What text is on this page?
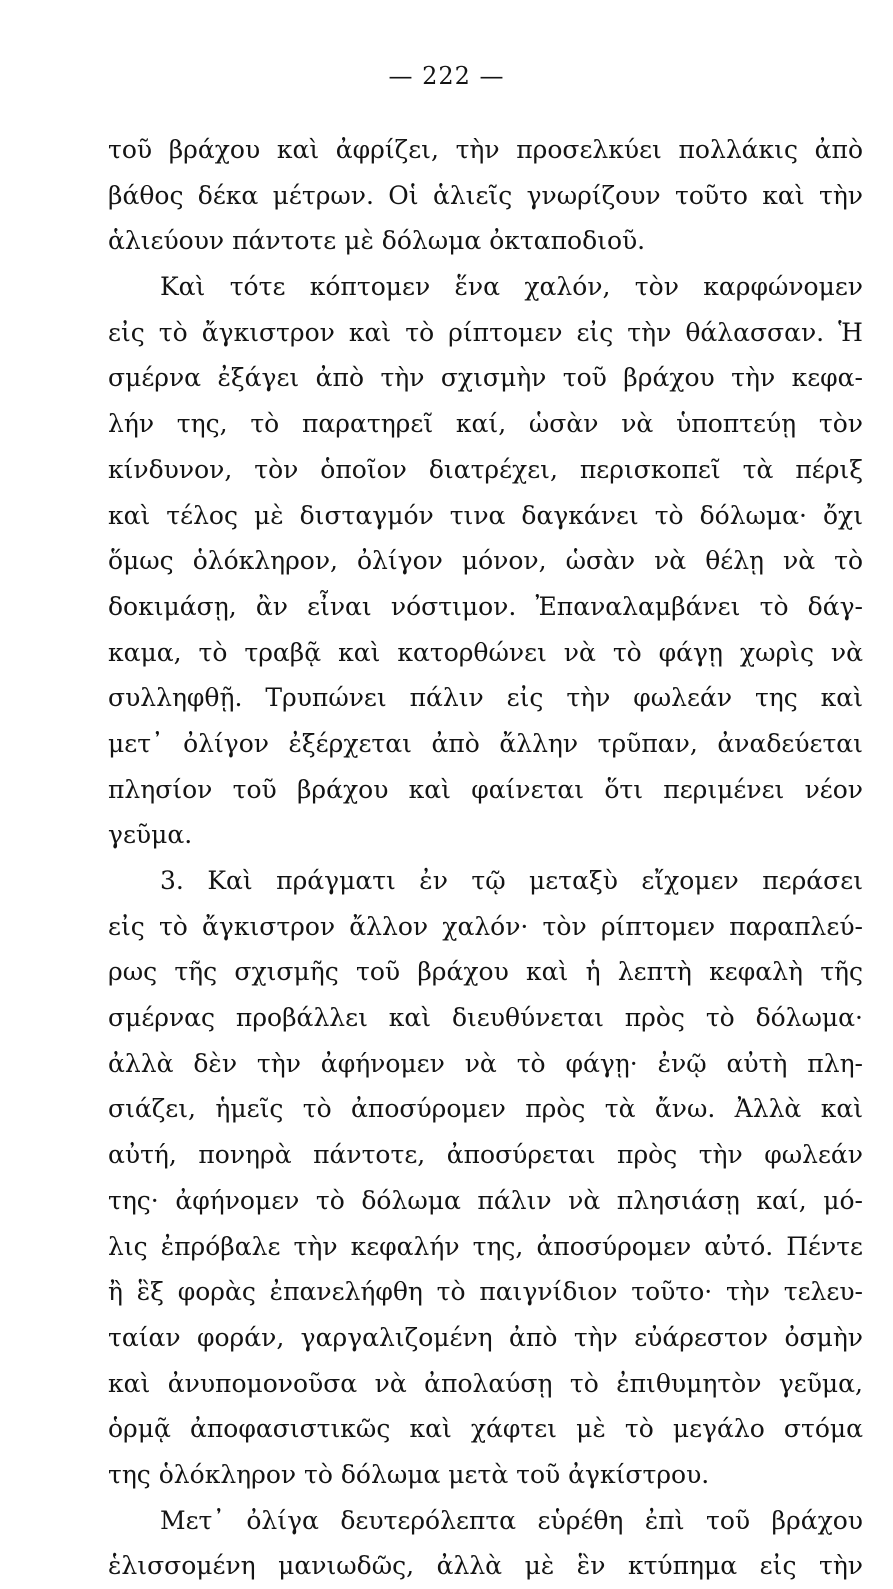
— 222 —
τοῦ βράχου καὶ ἀφρίζει, τὴν προσελκύει πολλάκις ἀπὸ
βάθος δέκα μέτρων. Οἱ ἁλιεῖς γνωρίζουν τοῦτο καὶ τὴν
ἁλιεύουν πάντοτε μὲ δόλωμα ὀκταποδιοῦ.
Καὶ τότε κόπτομεν ἕνα χαλόν, τὸν καρφώνομεν
εἰς τὸ ἄγκιστρον καὶ τὸ ρίπτομεν εἰς τὴν θάλασσαν. Ἡ
σμέρνα ἐξάγει ἀπὸ τὴν σχισμὴν τοῦ βράχου τὴν κεφα-
λήν της, τὸ παρατηρεῖ καί, ὡσὰν νὰ ὑποπτεύῃ τὸν
κίνδυνον, τὸν ὁποῖον διατρέχει, περισκοπεῖ τὰ πέριξ
καὶ τέλος μὲ δισταγμόν τινα δαγκάνει τὸ δόλωμα· ὄχι
ὅμως ὁλόκληρον, ὀλίγον μόνον, ὡσὰν νὰ θέλῃ νὰ τὸ
δοκιμάσῃ, ἂν εἶναι νόστιμον. Ἐπαναλαμβάνει τὸ δάγ-
καμα, τὸ τραβᾷ καὶ κατορθώνει νὰ τὸ φάγῃ χωρὶς νὰ
συλληφθῇ. Τρυπώνει πάλιν εἰς τὴν φωλεάν της καὶ
μετ᾽ ὀλίγον ἐξέρχεται ἀπὸ ἄλλην τρῦπαν, ἀναδεύεται
πλησίον τοῦ βράχου καὶ φαίνεται ὅτι περιμένει νέον
γεῦμα.
3. Καὶ πράγματι ἐν τῷ μεταξὺ εἴχομεν περάσει
εἰς τὸ ἄγκιστρον ἄλλον χαλόν· τὸν ρίπτομεν παραπλεύ-
ρως τῆς σχισμῆς τοῦ βράχου καὶ ἡ λεπτὴ κεφαλὴ τῆς
σμέρνας προβάλλει καὶ διευθύνεται πρὸς τὸ δόλωμα·
ἀλλὰ δὲν τὴν ἀφήνομεν νὰ τὸ φάγῃ· ἐνῷ αὐτὴ πλη-
σιάζει, ἡμεῖς τὸ ἀποσύρομεν πρὸς τὰ ἄνω. Ἀλλὰ καὶ
αὐτή, πονηρὰ πάντοτε, ἀποσύρεται πρὸς τὴν φωλεάν
της· ἀφήνομεν τὸ δόλωμα πάλιν νὰ πλησιάσῃ καί, μό-
λις ἐπρόβαλε τὴν κεφαλήν της, ἀποσύρομεν αὐτό. Πέντε
ἢ ἓξ φορὰς ἐπανελήφθη τὸ παιγνίδιον τοῦτο· τὴν τελευ-
ταίαν φοράν, γαργαλιζομένη ἀπὸ τὴν εὐάρεστον ὀσμὴν
καὶ ἀνυπομονοῦσα νὰ ἀπολαύσῃ τὸ ἐπιθυμητὸν γεῦμα,
ὁρμᾷ ἀποφασιστικῶς καὶ χάφτει μὲ τὸ μεγάλο στόμα
της ὁλόκληρον τὸ δόλωμα μετὰ τοῦ ἀγκίστρου.
Μετ᾽ ὀλίγα δευτερόλεπτα εὑρέθη ἐπὶ τοῦ βράχου
ἑλισσομένη μανιωδῶς, ἀλλὰ μὲ ἓν κτύπημα εἰς τὴν
